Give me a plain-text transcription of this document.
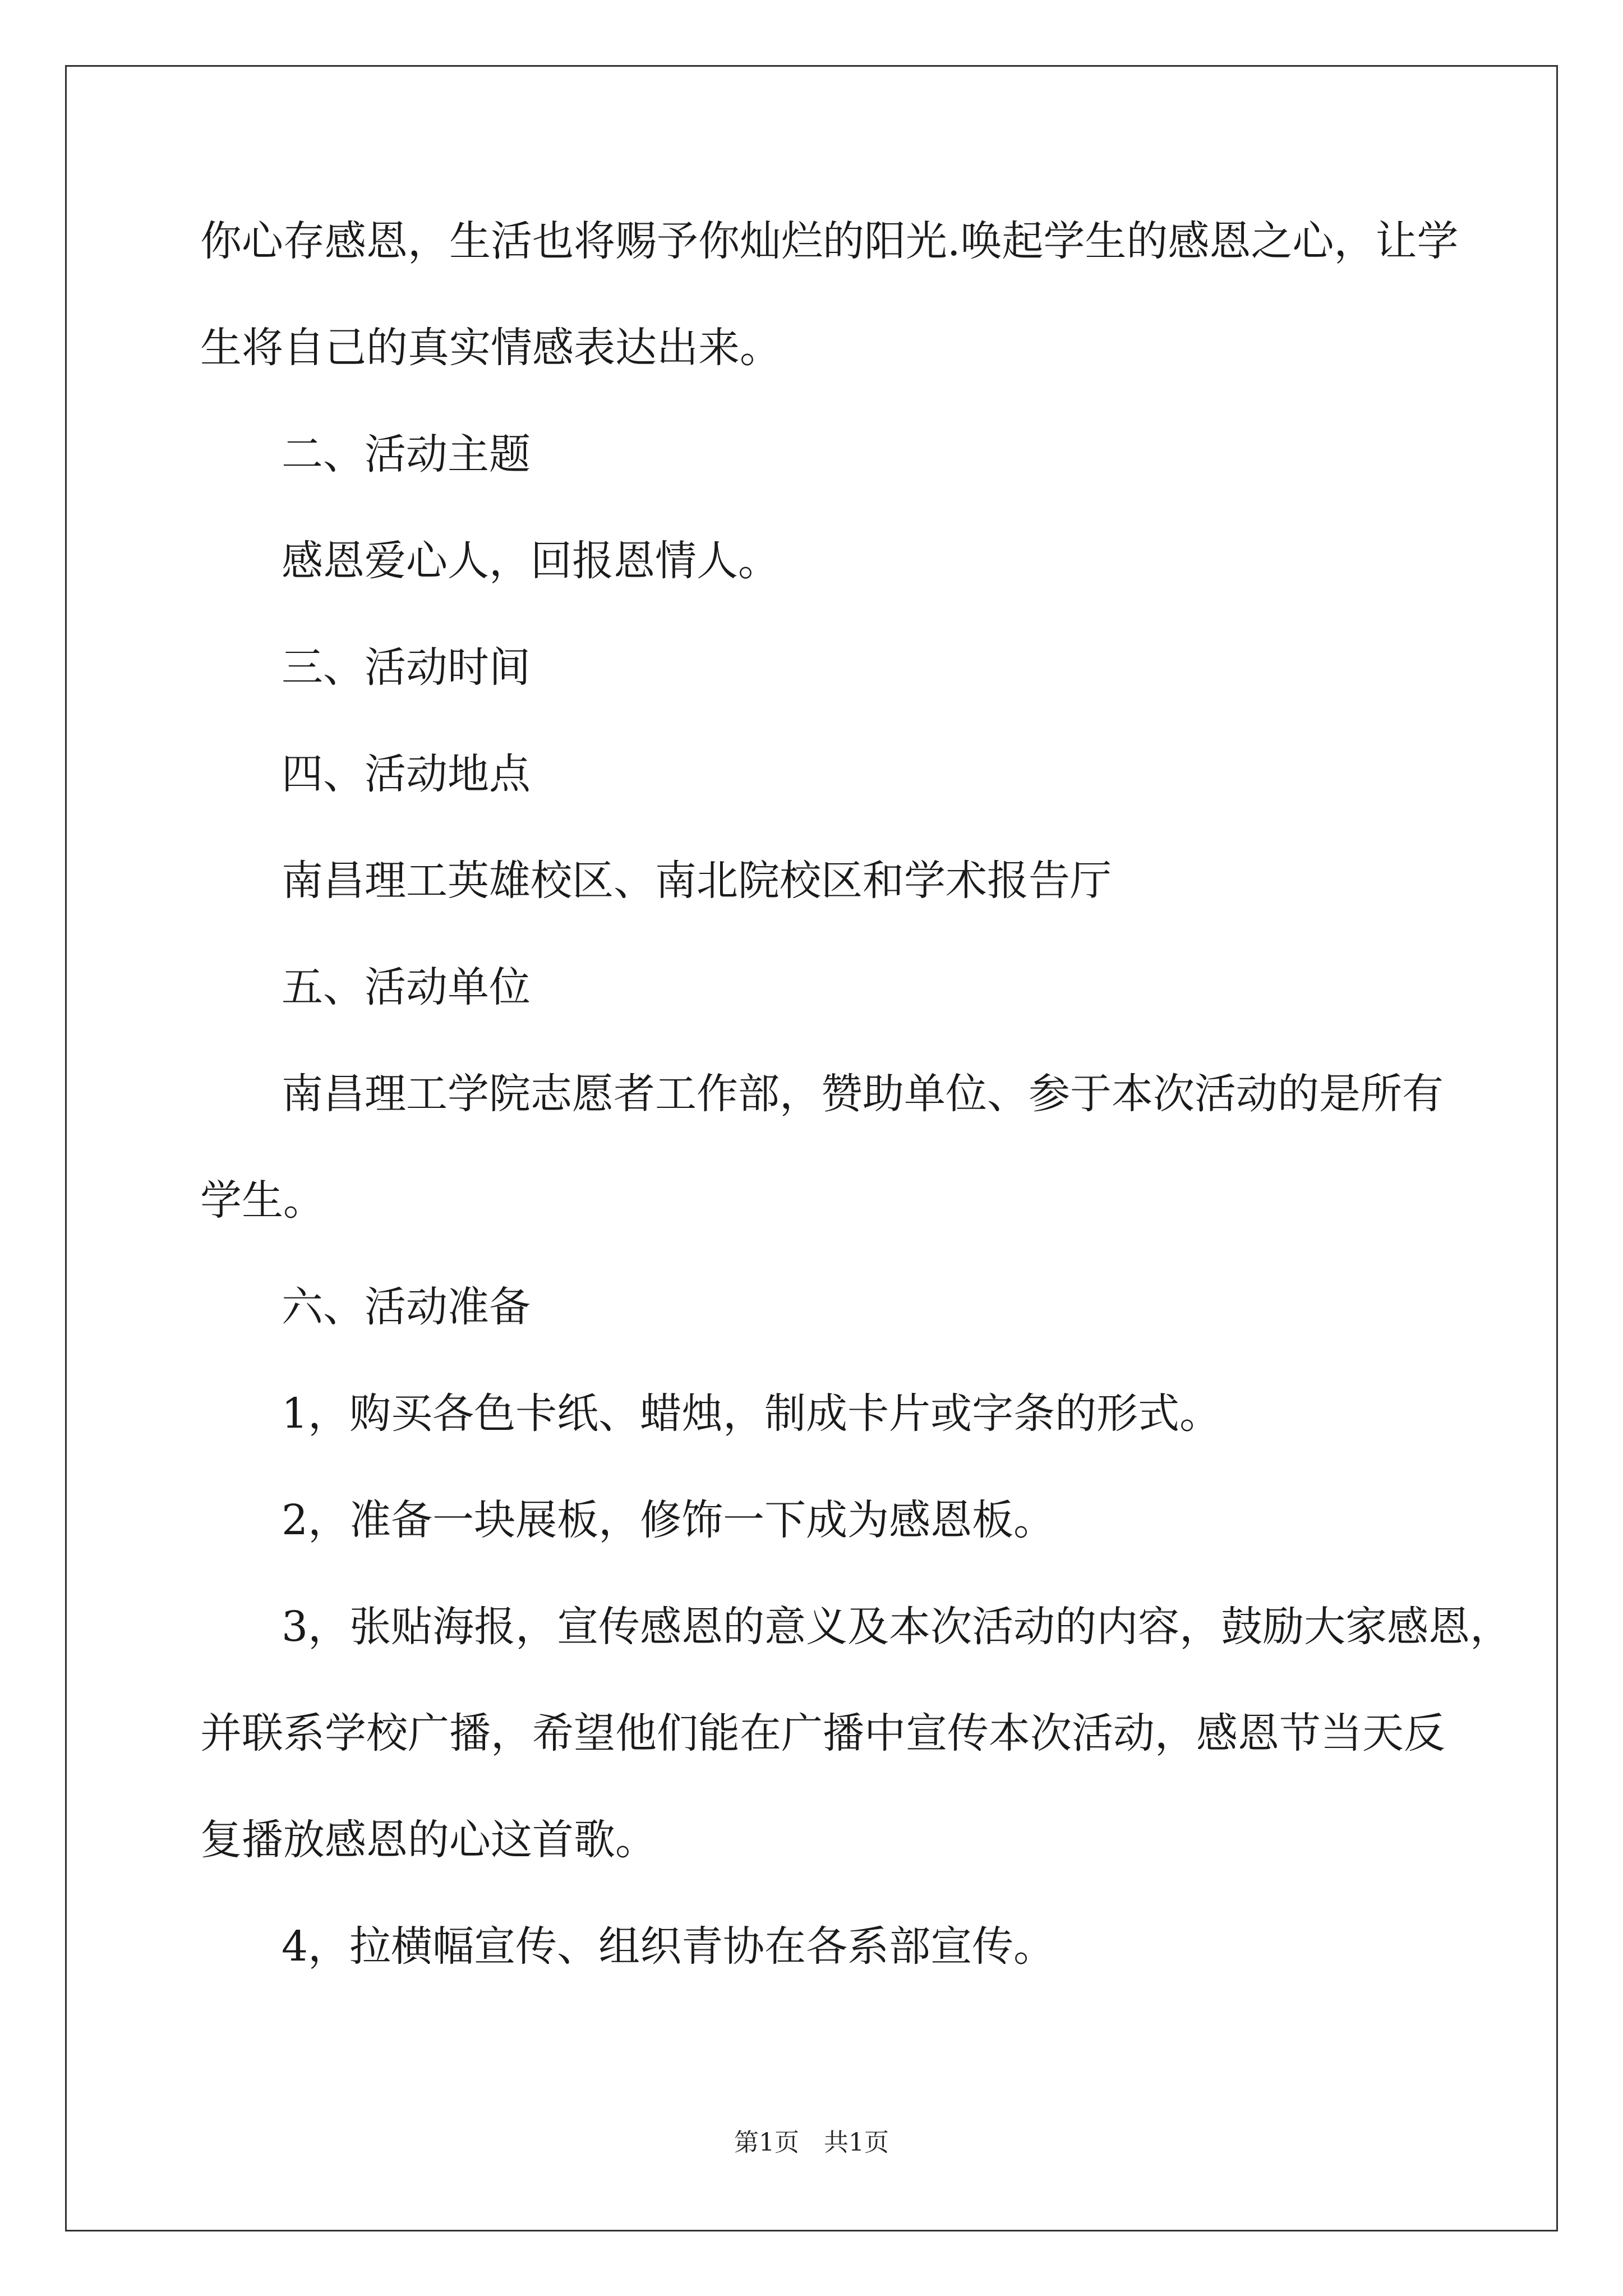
你心存感恩，生活也将赐予你灿烂的阳光.唤起学生的感恩之心，让学
生将自己的真实情感表达出来。
二、活动主题
感恩爱心人，回报恩情人。
三、活动时间
四、活动地点
南昌理工英雄校区、南北院校区和学术报告厅
五、活动单位
南昌理工学院志愿者工作部，赞助单位、参于本次活动的是所有
学生。
六、活动准备
1，购买各色卡纸、蜡烛，制成卡片或字条的形式。
2，准备一块展板，修饰一下成为感恩板。
3，张贴海报，宣传感恩的意义及本次活动的内容，鼓励大家感恩，
并联系学校广播，希望他们能在广播中宣传本次活动，感恩节当天反
复播放感恩的心这首歌。
4，拉横幅宣传、组织青协在各系部宣传。
第1页　共1页
